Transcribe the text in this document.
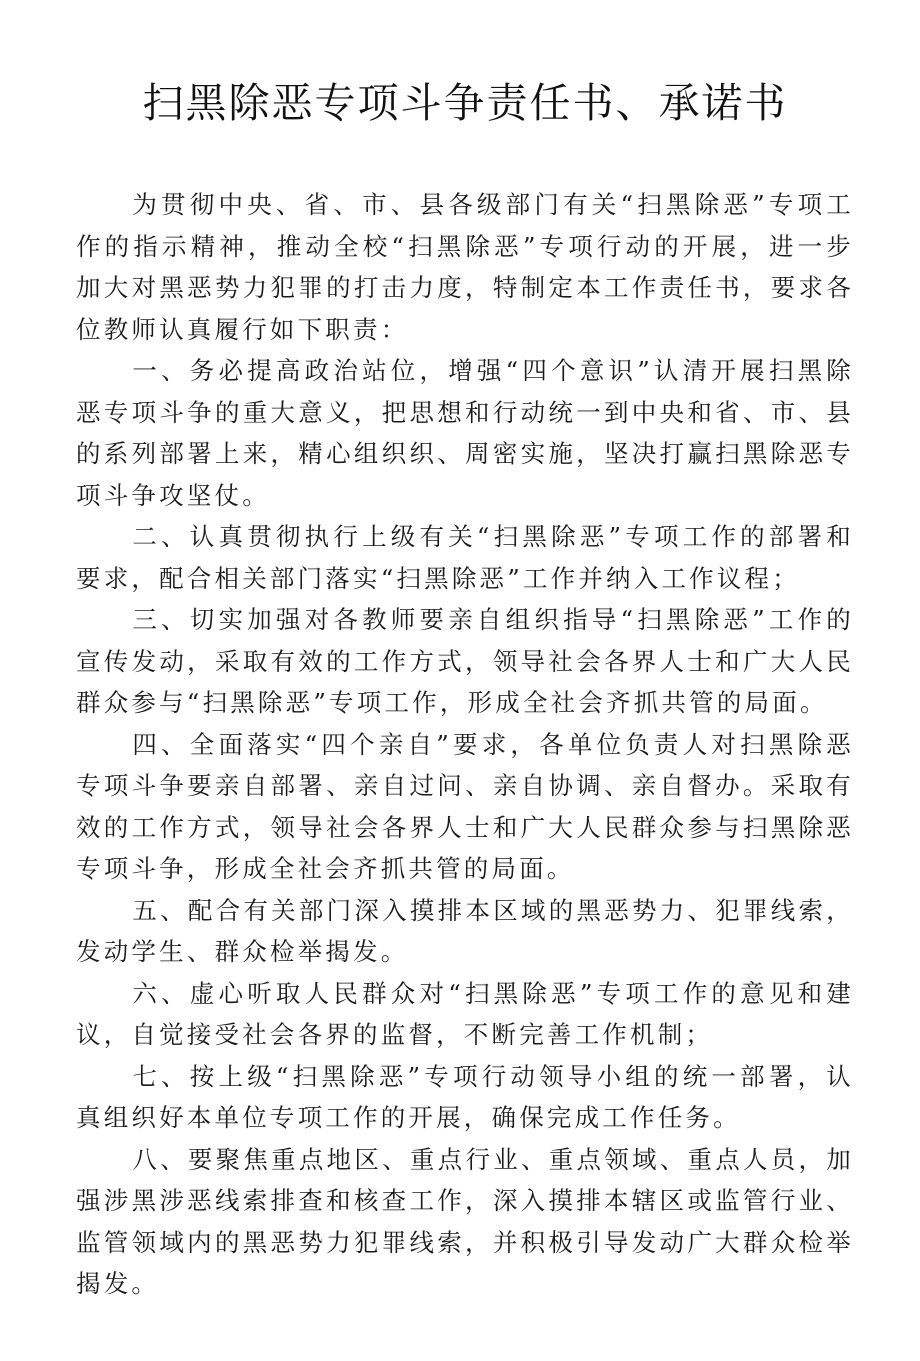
扫黑除恶专项斗争责任书、承诺书

为贯彻中央、省、市、县各级部门有关“扫黑除恶”专项工作的指示精神，推动全校“扫黑除恶”专项行动的开展，进一步加大对黑恶势力犯罪的打击力度，特制定本工作责任书，要求各位教师认真履行如下职责：

一、务必提高政治站位，增强“四个意识”认清开展扫黑除恶专项斗争的重大意义，把思想和行动统一到中央和省、市、县的系列部署上来，精心组织织、周密实施，坚决打赢扫黑除恶专项斗争攻坚仗。

二、认真贯彻执行上级有关“扫黑除恶”专项工作的部署和要求，配合相关部门落实“扫黑除恶”工作并纳入工作议程；

三、切实加强对各教师要亲自组织指导“扫黑除恶”工作的宣传发动，采取有效的工作方式，领导社会各界人士和广大人民群众参与“扫黑除恶”专项工作，形成全社会齐抓共管的局面。

四、全面落实“四个亲自”要求，各单位负责人对扫黑除恶专项斗争要亲自部署、亲自过问、亲自协调、亲自督办。采取有效的工作方式，领导社会各界人士和广大人民群众参与扫黑除恶专项斗争，形成全社会齐抓共管的局面。

五、配合有关部门深入摸排本区域的黑恶势力、犯罪线索，发动学生、群众检举揭发。

六、虚心听取人民群众对“扫黑除恶”专项工作的意见和建议，自觉接受社会各界的监督，不断完善工作机制；

七、按上级“扫黑除恶”专项行动领导小组的统一部署，认真组织好本单位专项工作的开展，确保完成工作任务。

八、要聚焦重点地区、重点行业、重点领域、重点人员，加强涉黑涉恶线索排查和核查工作，深入摸排本辖区或监管行业、监管领域内的黑恶势力犯罪线索，并积极引导发动广大群众检举揭发。
